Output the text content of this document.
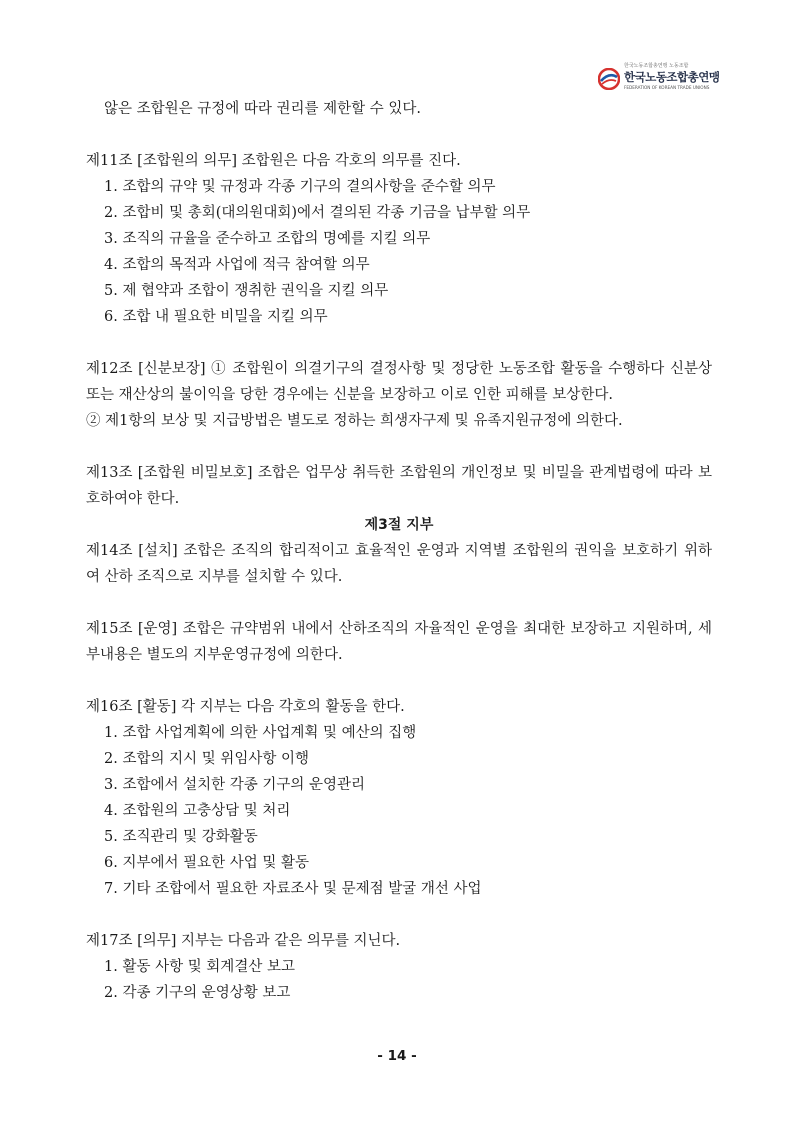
한국노동조합총연맹 노동조합
한국노동조합총연맹
FEDERATION OF KOREAN TRADE UNIONS
않은 조합원은 규정에 따라 권리를 제한할 수 있다.
제11조 [조합원의 의무] 조합원은 다음 각호의 의무를 진다.
1. 조합의 규약 및 규정과 각종 기구의 결의사항을 준수할 의무
2. 조합비 및 총회(대의원대회)에서 결의된 각종 기금을 납부할 의무
3. 조직의 규율을 준수하고 조합의 명예를 지킬 의무
4. 조합의 목적과 사업에 적극 참여할 의무
5. 제 협약과 조합이 쟁취한 권익을 지킬 의무
6. 조합 내 필요한 비밀을 지킬 의무
제12조 [신분보장] ① 조합원이 의결기구의 결정사항 및 정당한 노동조합 활동을 수행하다 신분상 또는 재산상의 불이익을 당한 경우에는 신분을 보장하고 이로 인한 피해를 보상한다.
② 제1항의 보상 및 지급방법은 별도로 정하는 희생자구제 및 유족지원규정에 의한다.
제13조 [조합원 비밀보호] 조합은 업무상 취득한 조합원의 개인정보 및 비밀을 관계법령에 따라 보호하여야 한다.
제3절 지부
제14조 [설치] 조합은 조직의 합리적이고 효율적인 운영과 지역별 조합원의 권익을 보호하기 위하여 산하 조직으로 지부를 설치할 수 있다.
제15조 [운영] 조합은 규약범위 내에서 산하조직의 자율적인 운영을 최대한 보장하고 지원하며, 세부내용은 별도의 지부운영규정에 의한다.
제16조 [활동] 각 지부는 다음 각호의 활동을 한다.
1. 조합 사업계획에 의한 사업계획 및 예산의 집행
2. 조합의 지시 및 위임사항 이행
3. 조합에서 설치한 각종 기구의 운영관리
4. 조합원의 고충상담 및 처리
5. 조직관리 및 강화활동
6. 지부에서 필요한 사업 및 활동
7. 기타 조합에서 필요한 자료조사 및 문제점 발굴 개선 사업
제17조 [의무] 지부는 다음과 같은 의무를 지닌다.
1. 활동 사항 및 회계결산 보고
2. 각종 기구의 운영상황 보고
- 14 -
